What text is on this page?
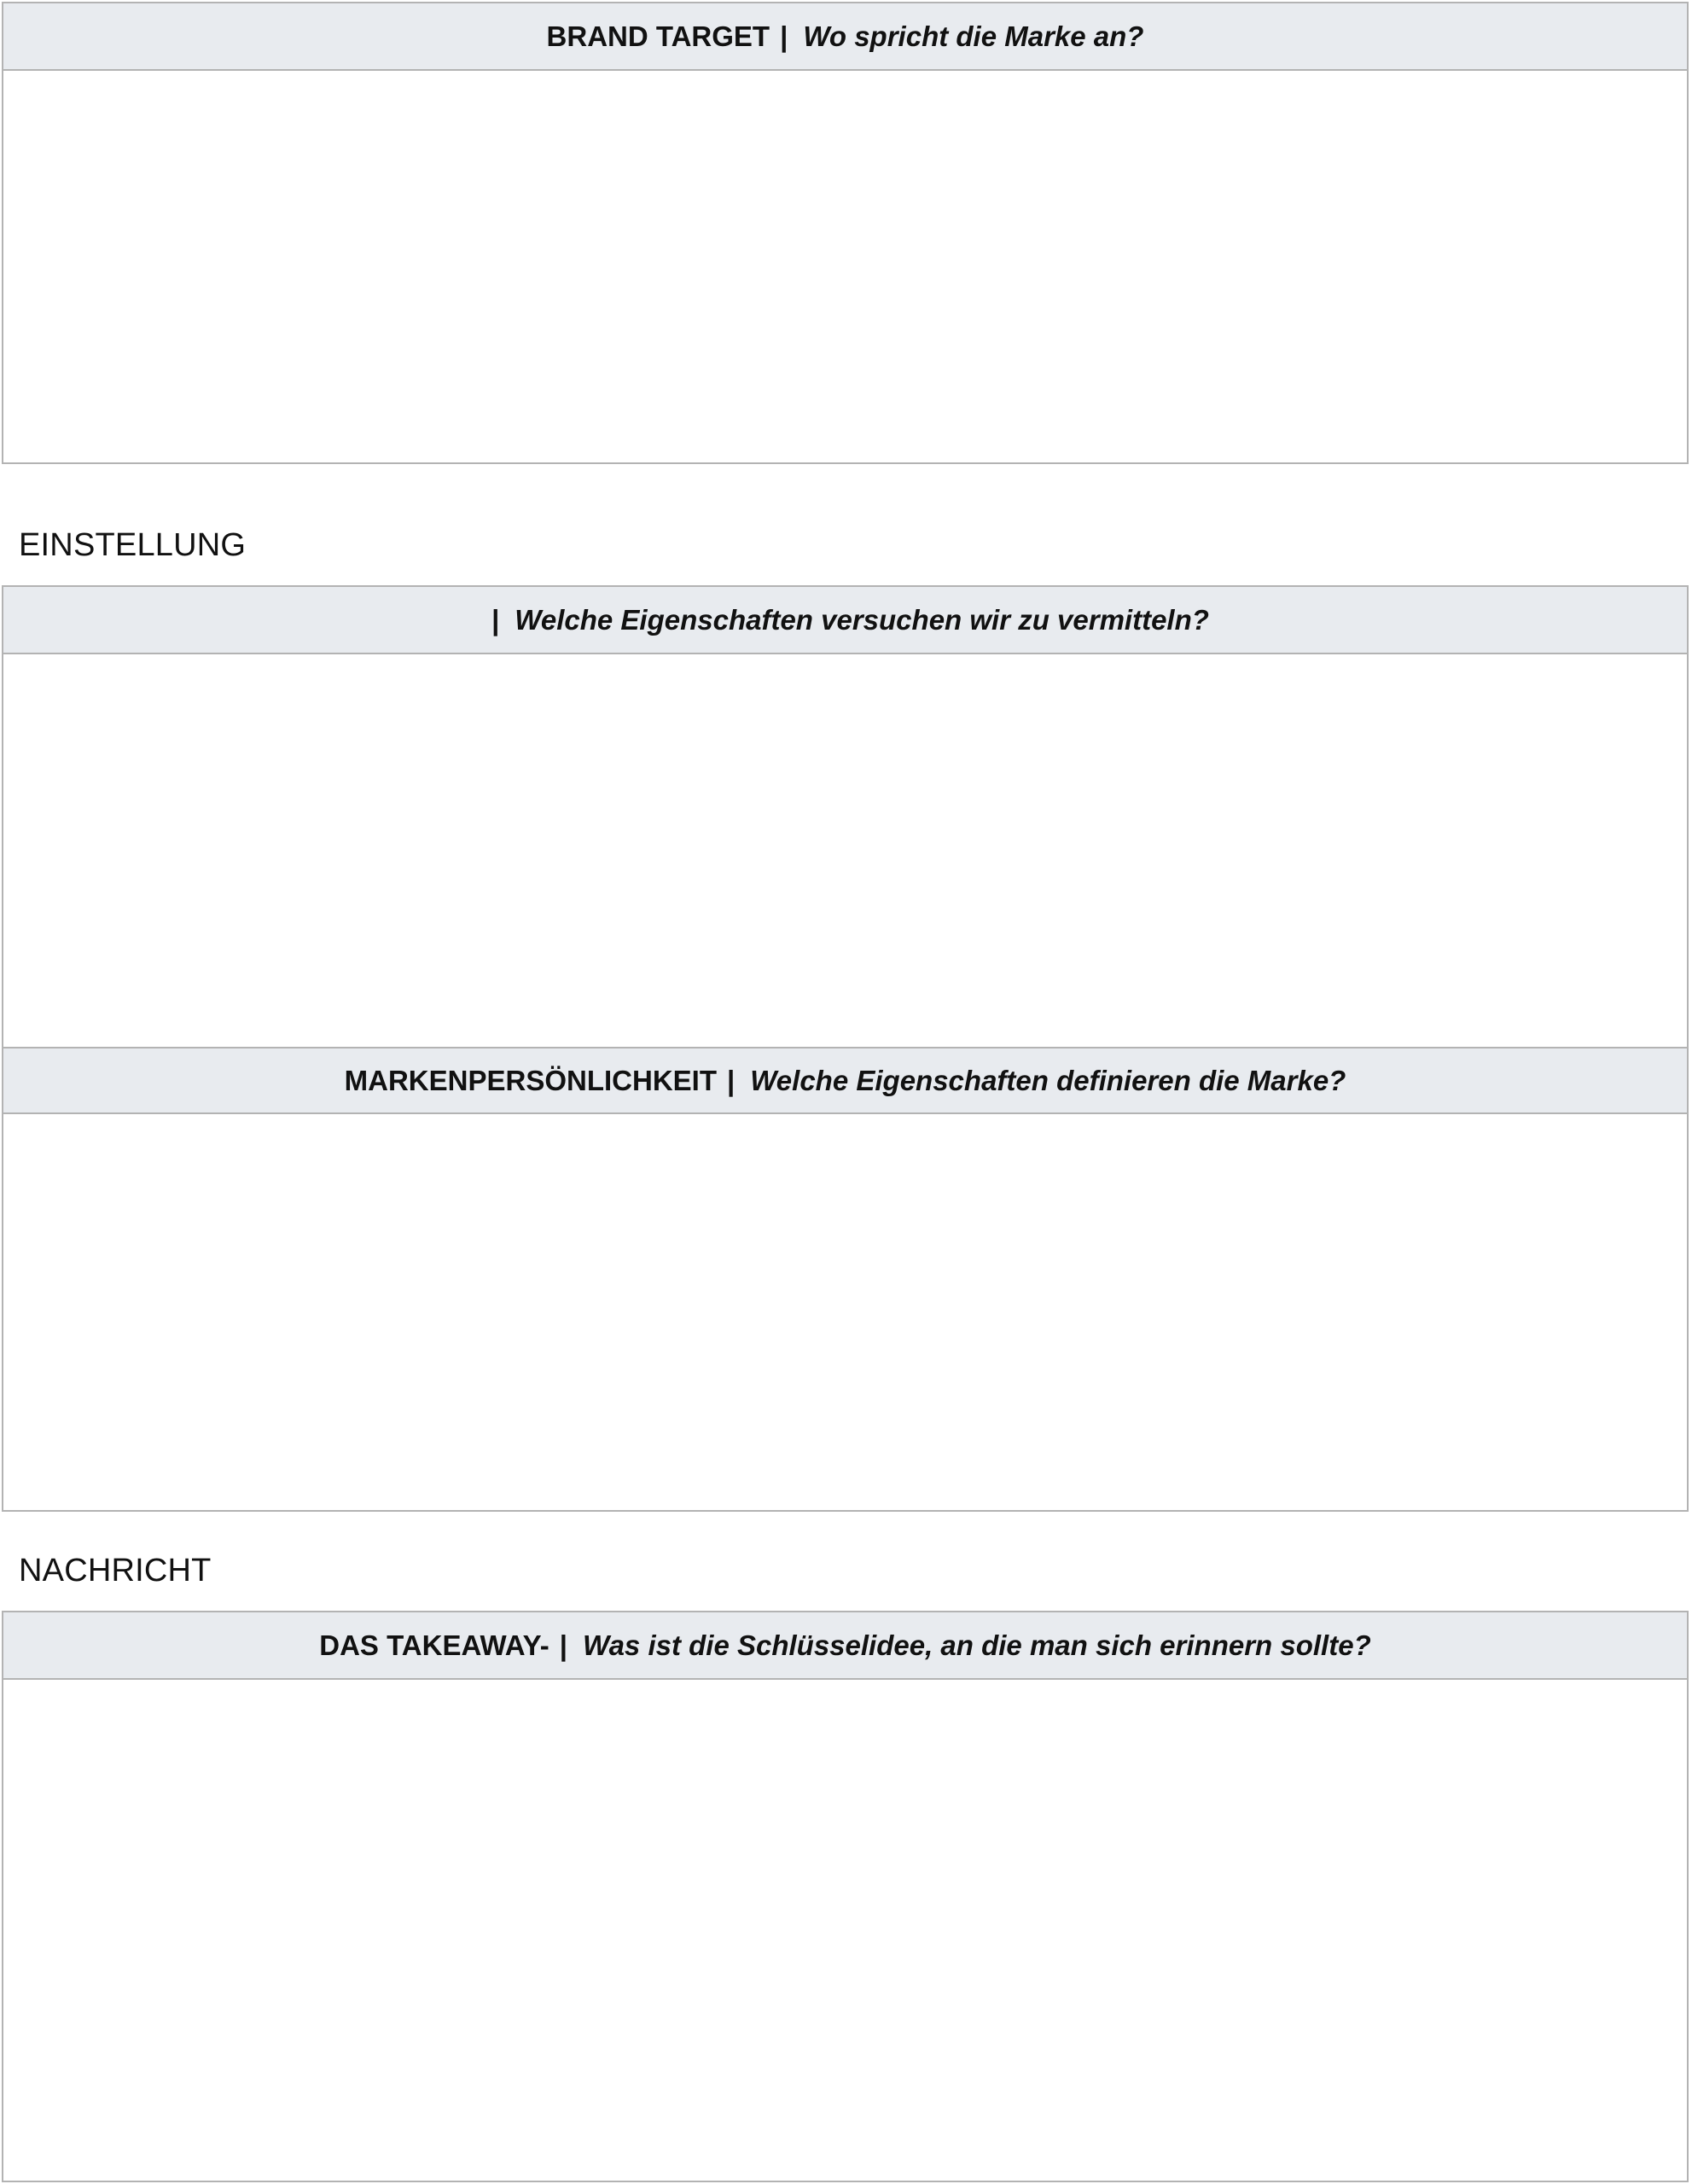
BRAND TARGET | Wo spricht die Marke an?
EINSTELLUNG
| Welche Eigenschaften versuchen wir zu vermitteln?
MARKENPERSÖNLICHKEIT | Welche Eigenschaften definieren die Marke?
NACHRICHT
DAS TAKEAWAY- | Was ist die Schlüsselidee, an die man sich erinnern sollte?
